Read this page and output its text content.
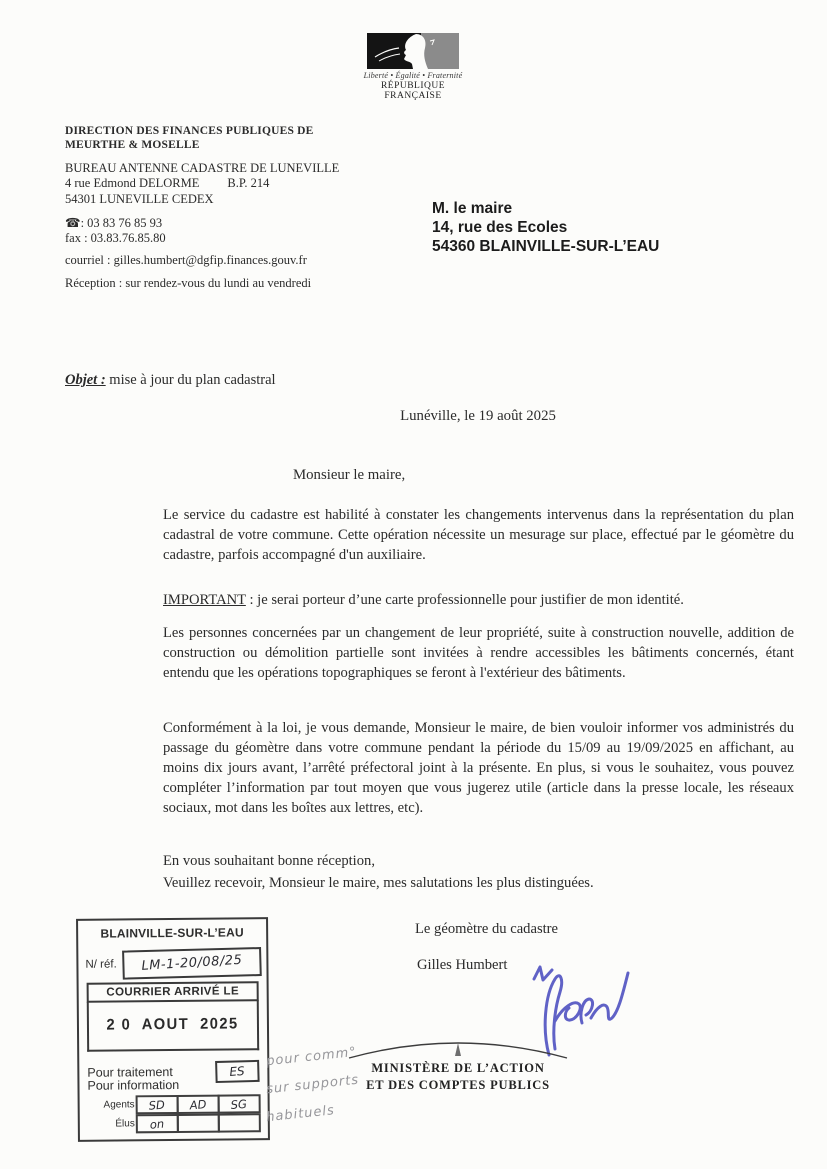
Liberté • Égalité • Fraternité
RÉPUBLIQUE FRANÇAISE
DIRECTION DES FINANCES PUBLIQUES DE
MEURTHE & MOSELLE
BUREAU ANTENNE CADASTRE DE LUNEVILLE
4 rue Edmond DELORME B.P. 214
54301 LUNEVILLE CEDEX
☎: 03 83 76 85 93
fax : 03.83.76.85.80
courriel : gilles.humbert@dgfip.finances.gouv.fr
Réception : sur rendez-vous du lundi au vendredi
M. le maire
14, rue des Ecoles
54360 BLAINVILLE-SUR-L’EAU
Objet : mise à jour du plan cadastral
Lunéville, le 19 août 2025
Monsieur le maire,
Le service du cadastre est habilité à constater les changements intervenus dans la représentation du plan cadastral de votre commune. Cette opération nécessite un mesurage sur place, effectué par le géomètre du cadastre, parfois accompagné d'un auxiliaire.
IMPORTANT : je serai porteur d’une carte professionnelle pour justifier de mon identité.
Les personnes concernées par un changement de leur propriété, suite à construction nouvelle, addition de construction ou démolition partielle sont invitées à rendre accessibles les bâtiments concernés, étant entendu que les opérations topographiques se feront à l'extérieur des bâtiments.
Conformément à la loi, je vous demande, Monsieur le maire, de bien vouloir informer vos administrés du passage du géomètre dans votre commune pendant la période du 15/09 au 19/09/2025 en affichant, au moins dix jours avant, l’arrêté préfectoral joint à la présente. En plus, si vous le souhaitez, vous pouvez compléter l’information par tout moyen que vous jugerez utile (article dans la presse locale, les réseaux sociaux, mot dans les boîtes aux lettres, etc).
En vous souhaitant bonne réception,
Veuillez recevoir, Monsieur le maire, mes salutations les plus distinguées.
Le géomètre du cadastre
Gilles Humbert
BLAINVILLE-SUR-L’EAU
N/ réf. LM-1-20/08/25
COURRIER ARRIVÉ LE
2 0  AOUT  2025
Pour traitement	ES
Pour information
Agents SD AD SG
Élus on
pour comm°
sur supports
habituels
MINISTÈRE DE L’ACTION
ET DES COMPTES PUBLICS
